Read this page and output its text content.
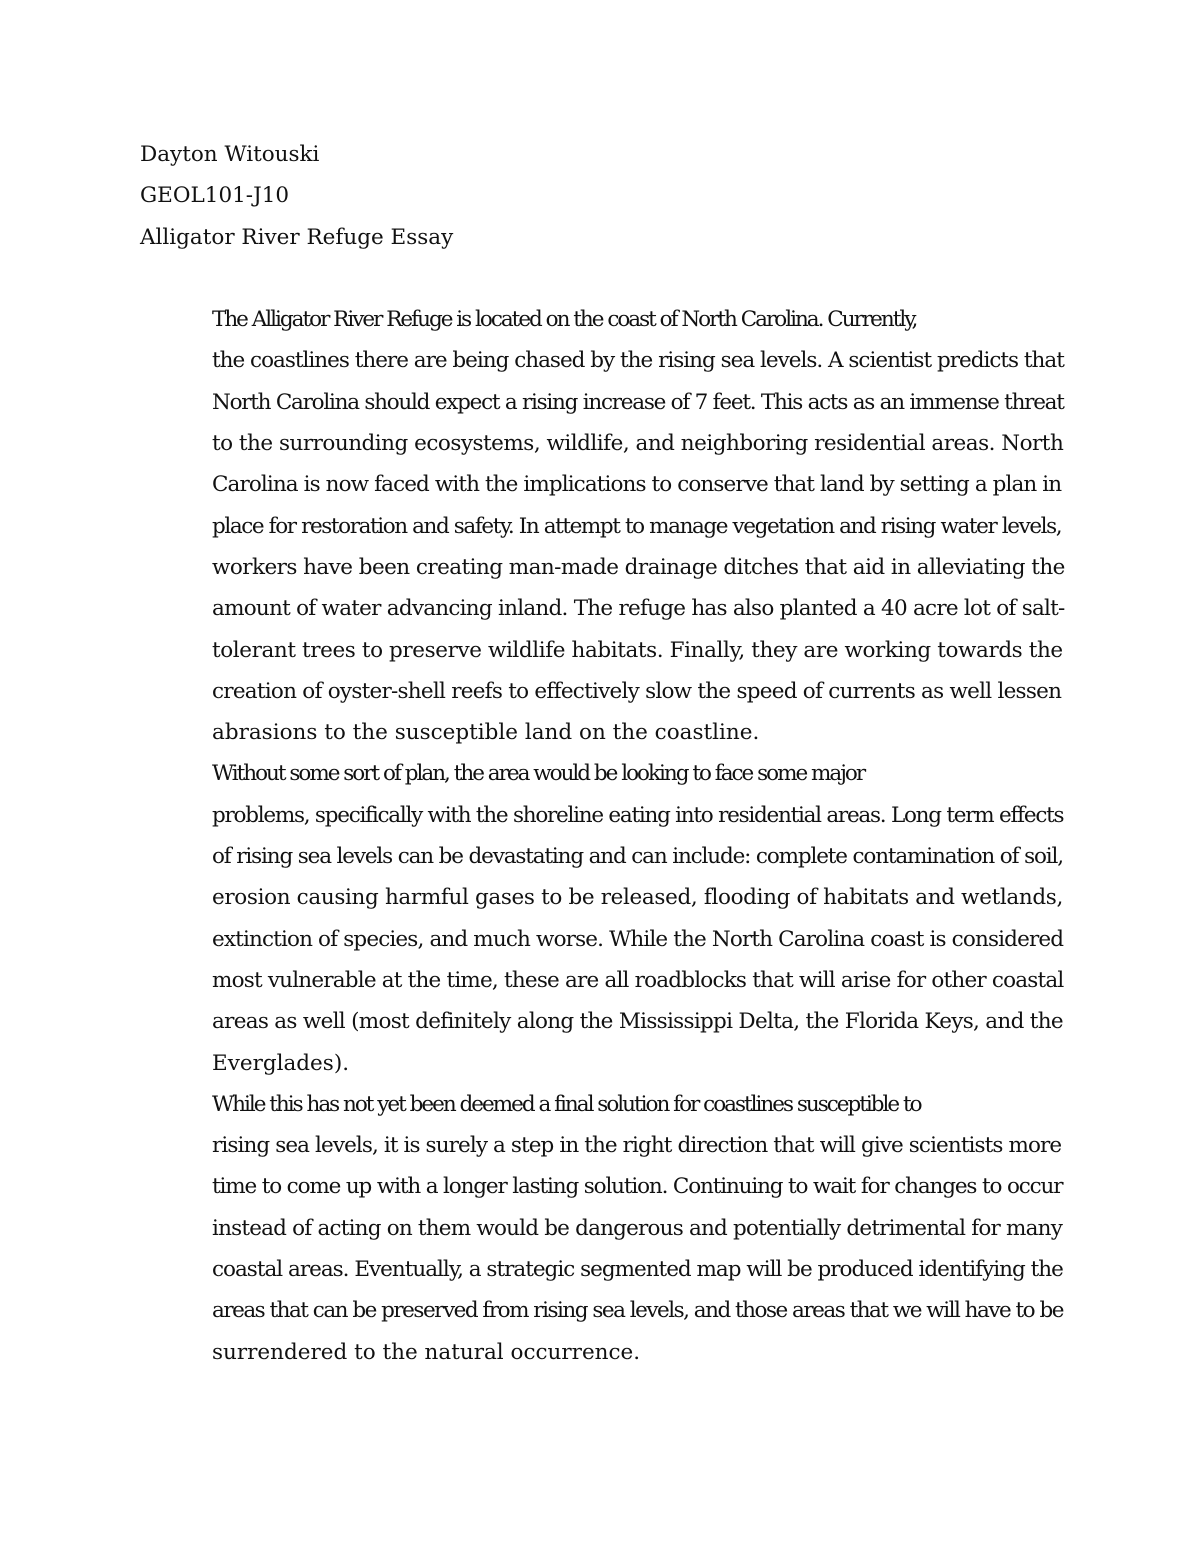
Dayton Witouski

GEOL101-J10

Alligator River Refuge Essay

The Alligator River Refuge is located on the coast of North Carolina. Currently,
the coastlines there are being chased by the rising sea levels. A scientist predicts that
North Carolina should expect a rising increase of 7 feet. This acts as an immense threat
to the surrounding ecosystems, wildlife, and neighboring residential areas. North
Carolina is now faced with the implications to conserve that land by setting a plan in
place for restoration and safety. In attempt to manage vegetation and rising water levels,
workers have been creating man-made drainage ditches that aid in alleviating the
amount of water advancing inland. The refuge has also planted a 40 acre lot of salt-
tolerant trees to preserve wildlife habitats. Finally, they are working towards the
creation of oyster-shell reefs to effectively slow the speed of currents as well lessen
abrasions to the susceptible land on the coastline.

Without some sort of plan, the area would be looking to face some major
problems, specifically with the shoreline eating into residential areas. Long term effects
of rising sea levels can be devastating and can include: complete contamination of soil,
erosion causing harmful gases to be released, flooding of habitats and wetlands,
extinction of species, and much worse. While the North Carolina coast is considered
most vulnerable at the time, these are all roadblocks that will arise for other coastal
areas as well (most definitely along the Mississippi Delta, the Florida Keys, and the
Everglades).

While this has not yet been deemed a final solution for coastlines susceptible to
rising sea levels, it is surely a step in the right direction that will give scientists more
time to come up with a longer lasting solution. Continuing to wait for changes to occur
instead of acting on them would be dangerous and potentially detrimental for many
coastal areas. Eventually, a strategic segmented map will be produced identifying the
areas that can be preserved from rising sea levels, and those areas that we will have to be
surrendered to the natural occurrence.
